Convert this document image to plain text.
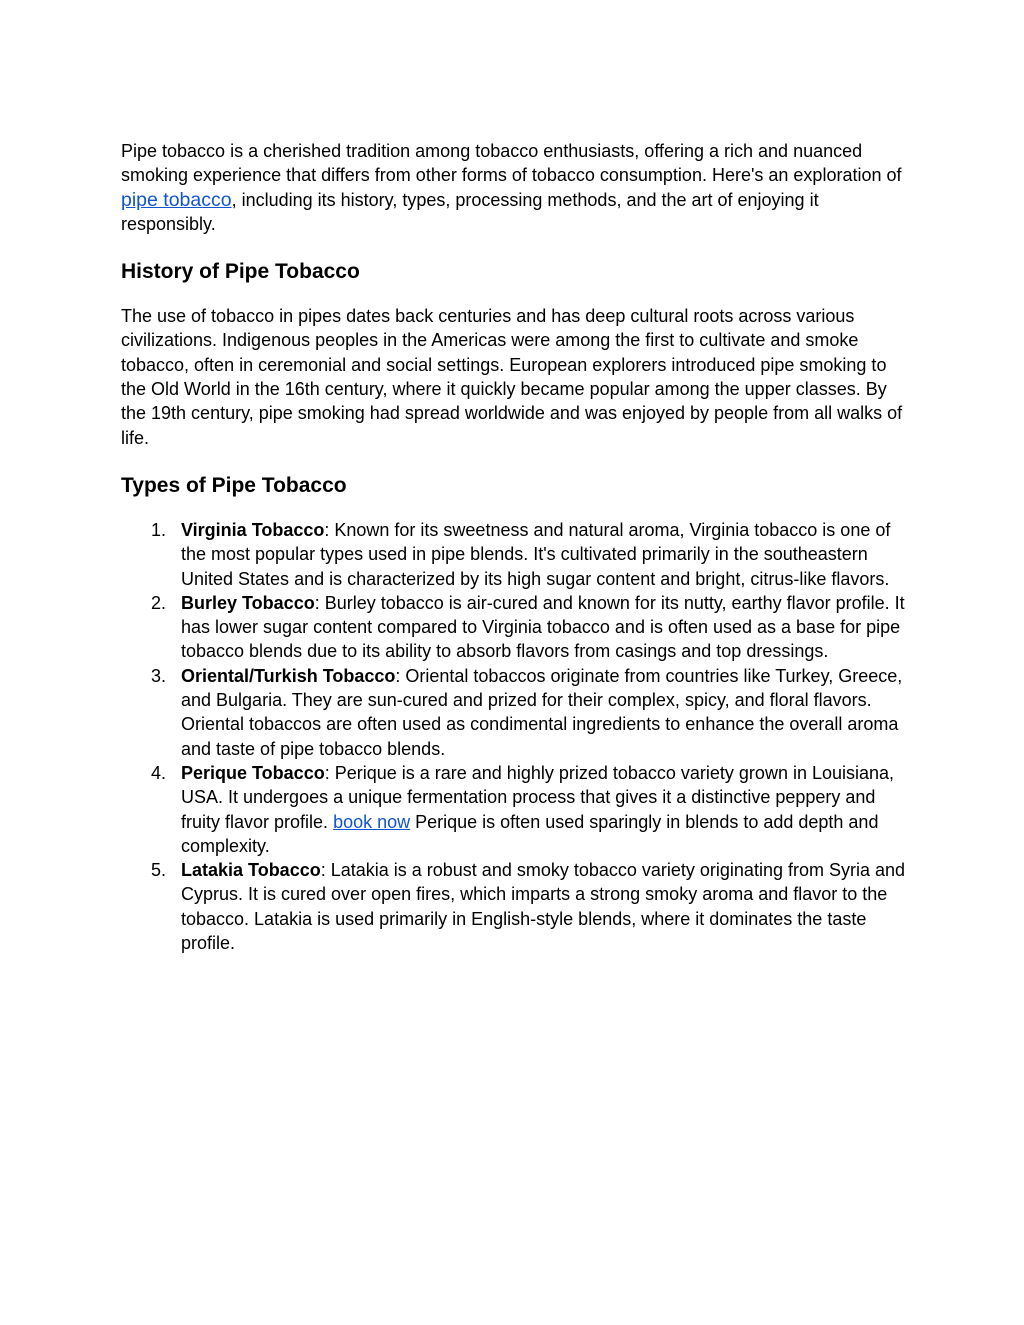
Pipe tobacco is a cherished tradition among tobacco enthusiasts, offering a rich and nuanced smoking experience that differs from other forms of tobacco consumption. Here's an exploration of pipe tobacco, including its history, types, processing methods, and the art of enjoying it responsibly.

History of Pipe Tobacco

The use of tobacco in pipes dates back centuries and has deep cultural roots across various civilizations. Indigenous peoples in the Americas were among the first to cultivate and smoke tobacco, often in ceremonial and social settings. European explorers introduced pipe smoking to the Old World in the 16th century, where it quickly became popular among the upper classes. By the 19th century, pipe smoking had spread worldwide and was enjoyed by people from all walks of life.

Types of Pipe Tobacco
1. Virginia Tobacco: Known for its sweetness and natural aroma, Virginia tobacco is one of the most popular types used in pipe blends. It's cultivated primarily in the southeastern United States and is characterized by its high sugar content and bright, citrus-like flavors.
2. Burley Tobacco: Burley tobacco is air-cured and known for its nutty, earthy flavor profile. It has lower sugar content compared to Virginia tobacco and is often used as a base for pipe tobacco blends due to its ability to absorb flavors from casings and top dressings.
3. Oriental/Turkish Tobacco: Oriental tobaccos originate from countries like Turkey, Greece, and Bulgaria. They are sun-cured and prized for their complex, spicy, and floral flavors. Oriental tobaccos are often used as condimental ingredients to enhance the overall aroma and taste of pipe tobacco blends.
4. Perique Tobacco: Perique is a rare and highly prized tobacco variety grown in Louisiana, USA. It undergoes a unique fermentation process that gives it a distinctive peppery and fruity flavor profile. book now Perique is often used sparingly in blends to add depth and complexity.
5. Latakia Tobacco: Latakia is a robust and smoky tobacco variety originating from Syria and Cyprus. It is cured over open fires, which imparts a strong smoky aroma and flavor to the tobacco. Latakia is used primarily in English-style blends, where it dominates the taste profile.
